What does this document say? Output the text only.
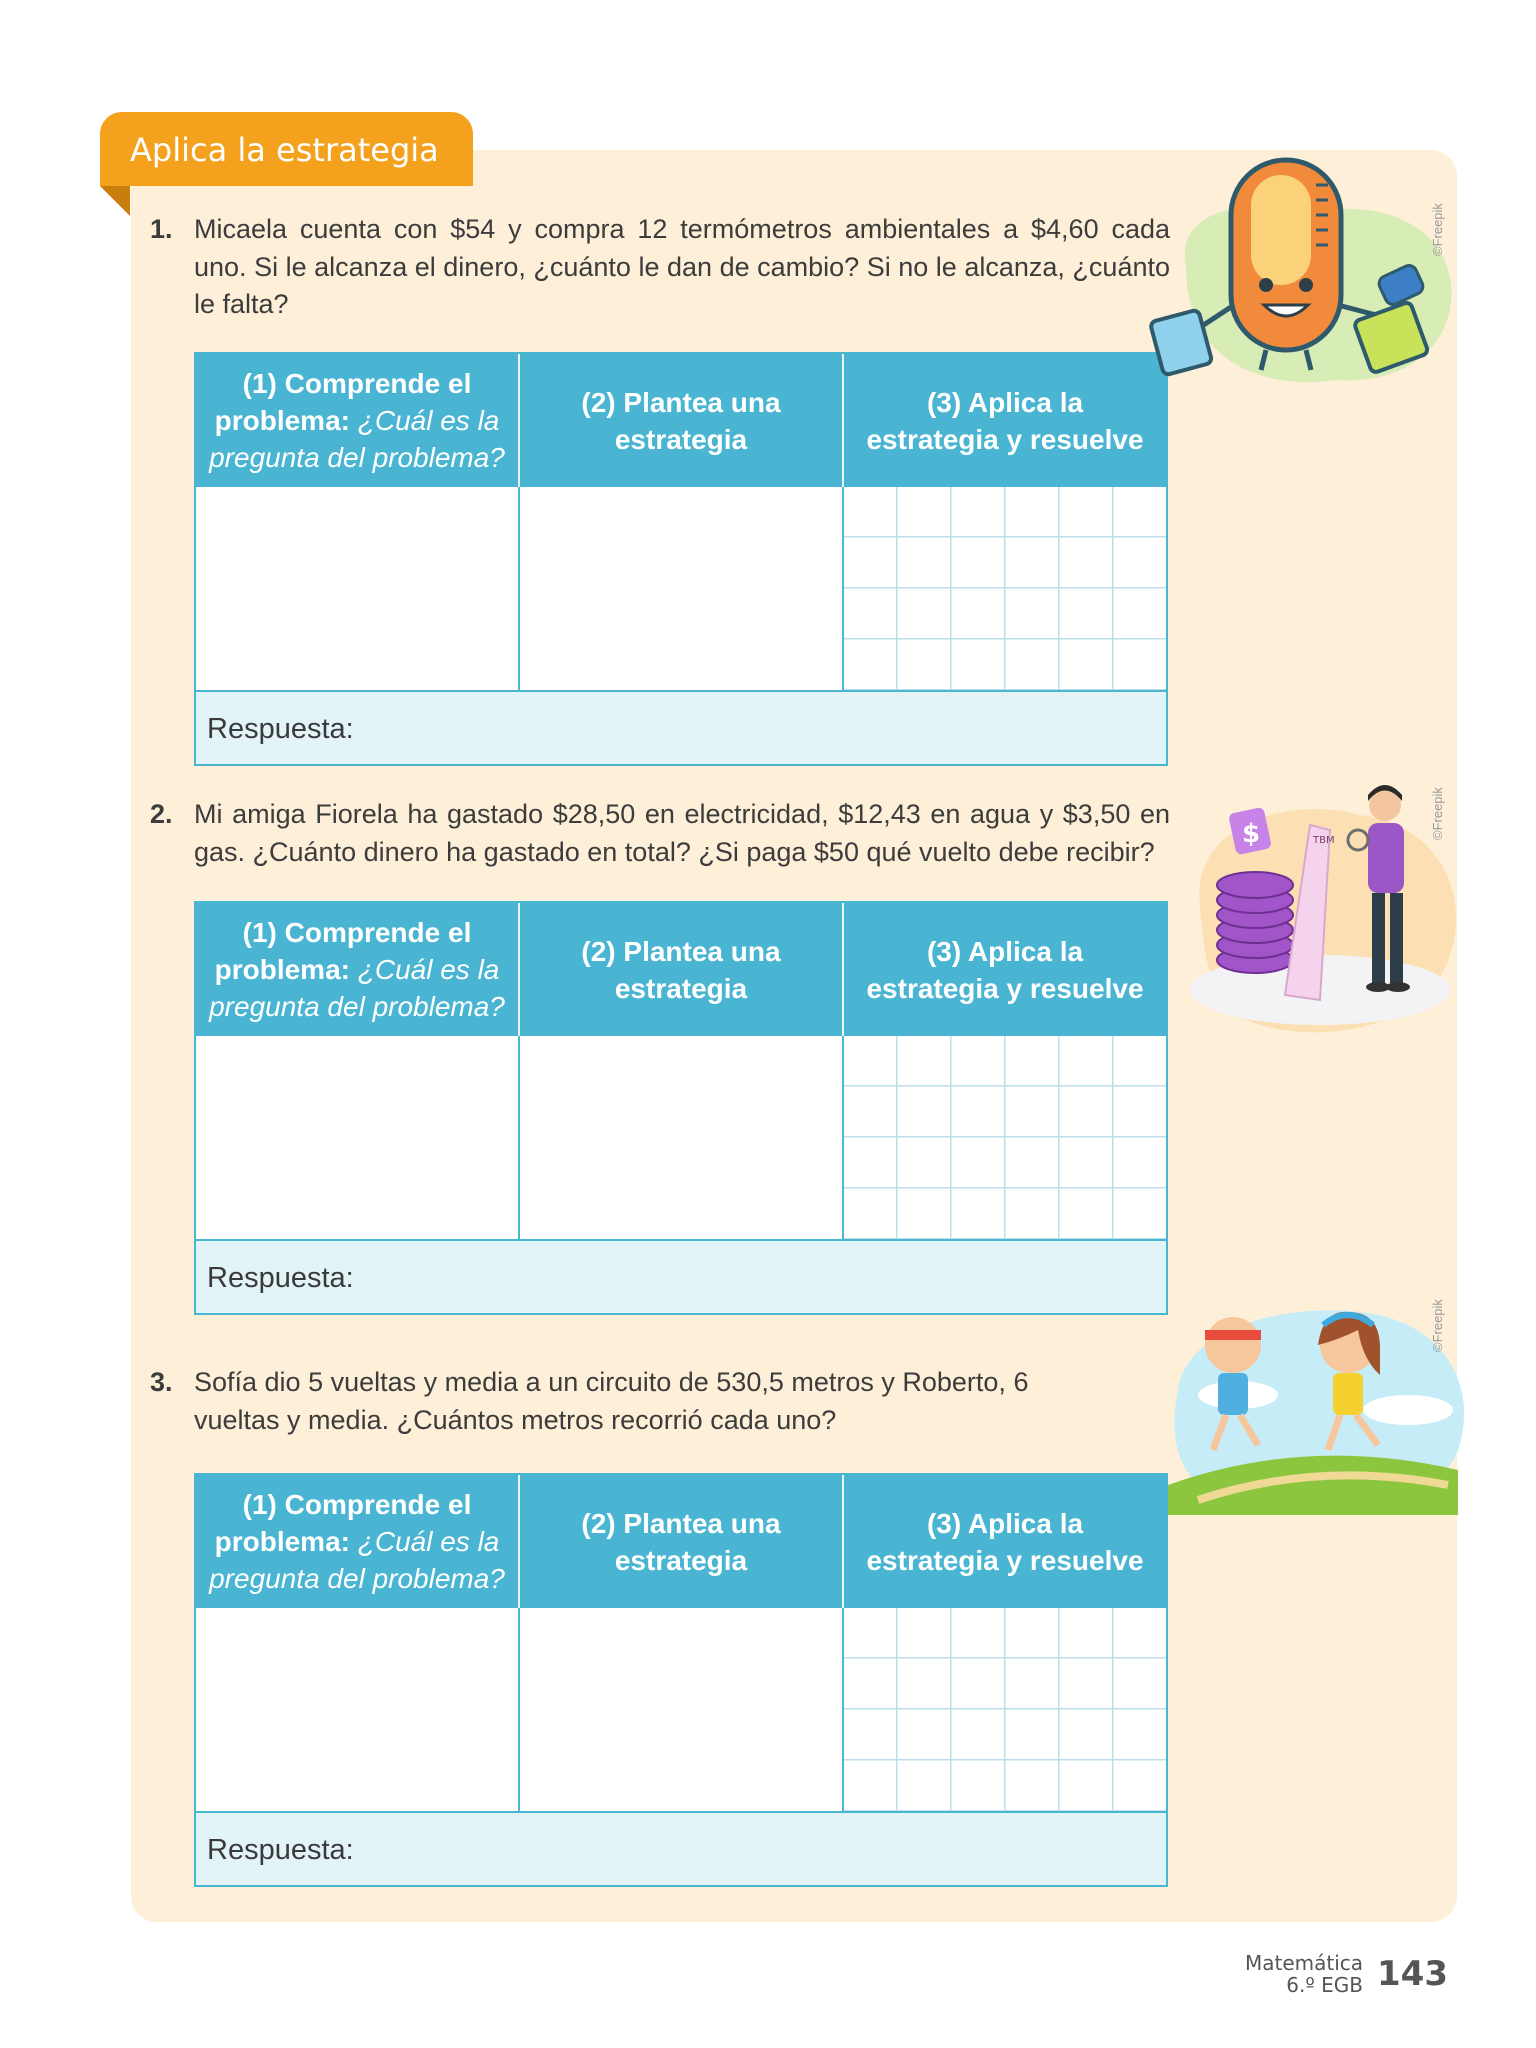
Aplica la estrategia
1. Micaela cuenta con $54 y compra 12 termómetros ambientales a $4,60 cada uno. Si le alcanza el dinero, ¿cuánto le dan de cambio? Si no le alcanza, ¿cuánto le falta?
(1) Comprende el problema: ¿Cuál es la pregunta del problema?
(2) Plantea una estrategia
(3) Aplica la estrategia y resuelve
Respuesta:
2. Mi amiga Fiorela ha gastado $28,50 en electricidad, $12,43 en agua y $3,50 en gas. ¿Cuánto dinero ha gastado en total? ¿Si paga $50 qué vuelto debe recibir?
(1) Comprende el problema: ¿Cuál es la pregunta del problema?
(2) Plantea una estrategia
(3) Aplica la estrategia y resuelve
Respuesta:
3. Sofía dio 5 vueltas y media a un circuito de 530,5 metros y Roberto, 6 vueltas y media. ¿Cuántos metros recorrió cada uno?
(1) Comprende el problema: ¿Cuál es la pregunta del problema?
(2) Plantea una estrategia
(3) Aplica la estrategia y resuelve
Respuesta:
©Freepik
$	TBM
©Freepik
©Freepik
Matemática
6.º EGB 143
